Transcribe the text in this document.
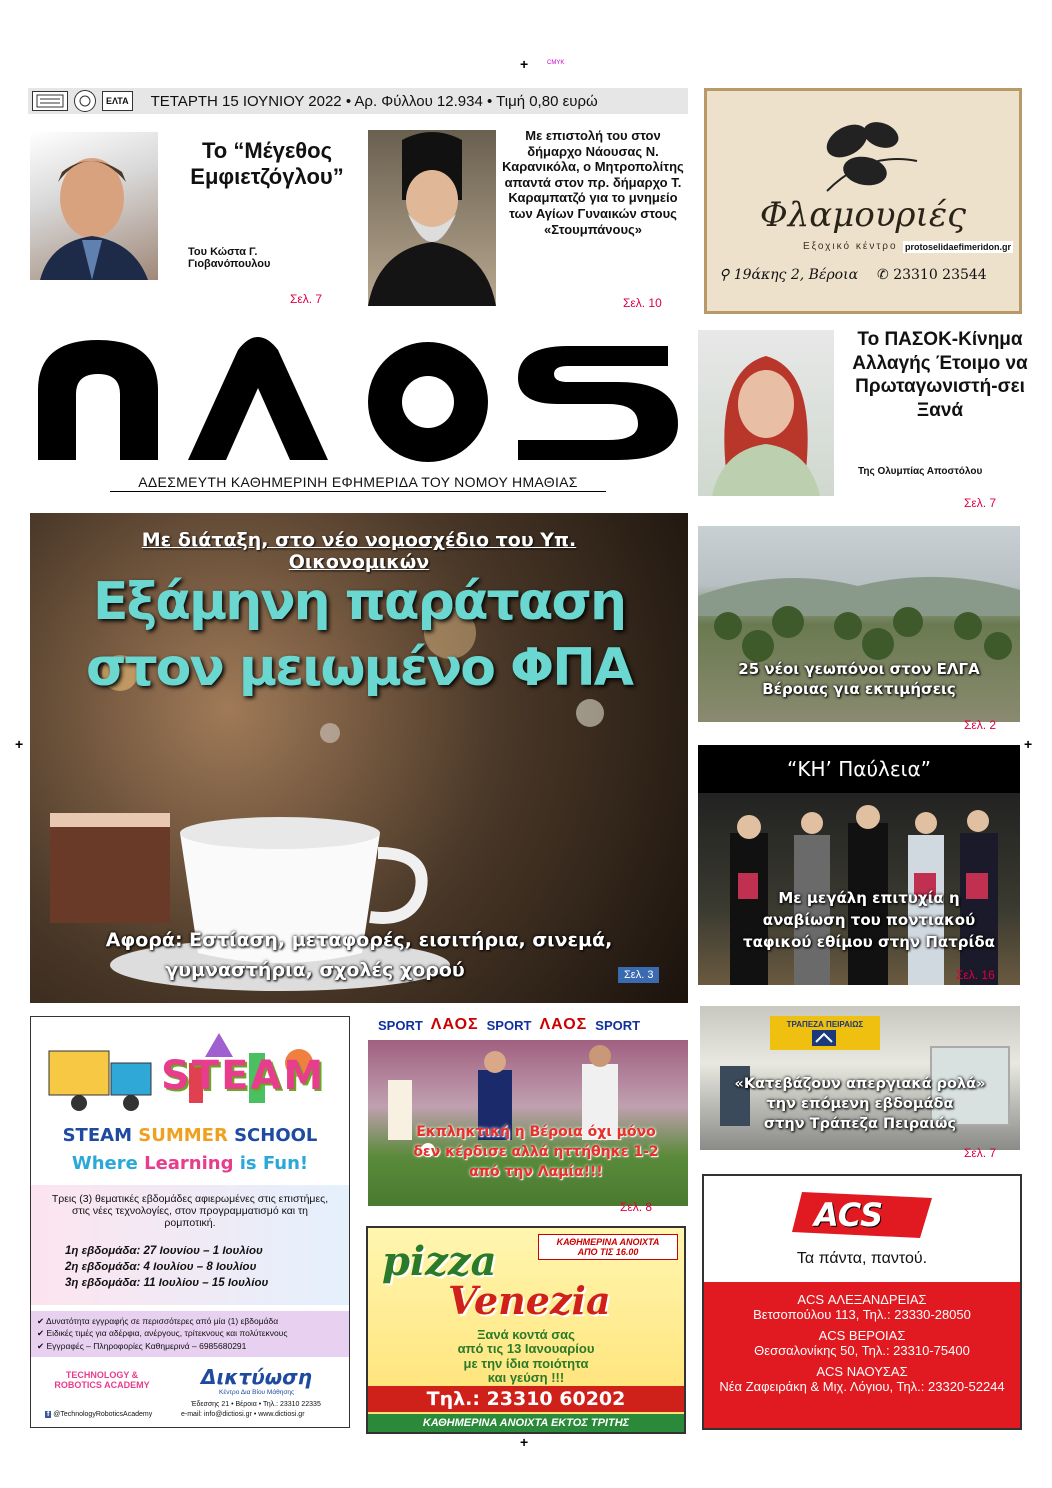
+	CMYK
+	+
+
ΕΛΤΑ ΤΕΤΑΡΤΗ 15 ΙΟΥΝΙΟΥ 2022 • Αρ. Φύλλου 12.934 • Τιμή 0,80 ευρώ
Το “Μέγεθος Εμφιετζόγλου”
Του Κώστα Γ. Γιοβανόπουλου
Σελ. 7
Με επιστολή του στον δήμαρχο Νάουσας Ν. Καρανικόλα, ο Μητροπολίτης απαντά στον πρ. δήμαρχο Τ. Καραμπατζό για το μνημείο των Αγίων Γυναικών στους «Στουμπάνους»
Σελ. 10
Φλαμουριές
Εξοχικό κέντρο protoselidaefimeridon.gr
⚲ 19άκης 2, Βέροια ✆ 23310 23544
ΑΔΕΣΜΕΥΤΗ ΚΑΘΗΜΕΡΙΝΗ ΕΦΗΜΕΡΙΔΑ ΤΟΥ ΝΟΜΟΥ ΗΜΑΘΙΑΣ
Το ΠΑΣΟΚ-Κίνημα Αλλαγής Έτοιμο να Πρωταγωνιστή-σει Ξανά
Της Ολυμπίας Αποστόλου
Σελ. 7
Με διάταξη, στο νέο νομοσχέδιο του Υπ. Οικονομικών
Εξάμηνη παράταση
στον μειωμένο ΦΠΑ
Αφορά: Εστίαση, μεταφορές, εισιτήρια, σινεμά,
γυμναστήρια, σχολές χορού	Σελ. 3
25 νέοι γεωπόνοι στον ΕΛΓΑ
Βέροιας για εκτιμήσεις
Σελ. 2
“ΚΗ’ Παύλεια”
Με μεγάλη επιτυχία η
αναβίωση του ποντιακού
ταφικού εθίμου στην Πατρίδα
Σελ. 16
STEAM
STEAM SUMMER SCHOOL
Where Learning is Fun!
Τρεις (3) θεματικές εβδομάδες αφιερωμένες στις επιστήμες, στις νέες τεχνολογίες, στον προγραμματισμό και τη ρομποτική.
1η εβδομάδα: 27 Ιουνίου – 1 Ιουλίου
2η εβδομάδα: 4 Ιουλίου – 8 Ιουλίου
3η εβδομάδα: 11 Ιουλίου – 15 Ιουλίου
✔ Δυνατότητα εγγραφής σε περισσότερες από μία (1) εβδομάδα
✔ Ειδικές τιμές για αδέρφια, ανέργους, τρίτεκνους και πολύτεκνους
✔ Εγγραφές – Πληροφορίες Καθημερινά – 6985680291
TECHNOLOGY & ROBOTICS ACADEMY
f @TechnologyRoboticsAcademy
Δικτύωση
Κέντρο Δια Βίου Μάθησης
Έδεσσης 21 • Βέροια • Τηλ.: 23310 22335
e-mail: info@dictiosi.gr • www.dictiosi.gr
SPORT ΛΑΟΣ SPORT ΛΑΟΣ SPORT
Εκπληκτική η Βέροια όχι μόνο
δεν κέρδισε αλλά ηττήθηκε 1-2
από την Λαμία!!!
Σελ. 8
pizza	ΚΑΘΗΜΕΡΙΝΑ ΑΝΟΙΧΤΑ
ΑΠΟ ΤΙΣ 16.00
Venezia
Ξανά κοντά σας
από τις 13 Ιανουαρίου
με την ίδια ποιότητα
και γεύση !!!
Τηλ.: 23310 60202
ΚΑΘΗΜΕΡΙΝΑ ΑΝΟΙΧΤΑ ΕΚΤΟΣ ΤΡΙΤΗΣ
ΤΡΑΠΕΖΑ ΠΕΙΡΑΙΩΣ
«Κατεβάζουν απεργιακά ρολά»
την επόμενη εβδομάδα
στην Τράπεζα Πειραιώς
Σελ. 7
ACS
Τα πάντα, παντού.
ACS ΑΛΕΞΑΝΔΡΕΙΑΣ
Βετσοπούλου 113, Τηλ.: 23330-28050
ACS ΒΕΡΟΙΑΣ
Θεσσαλονίκης 50, Τηλ.: 23310-75400
ACS ΝΑΟΥΣΑΣ
Νέα Ζαφειράκη & Μιχ. Λόγιου, Τηλ.: 23320-52244
